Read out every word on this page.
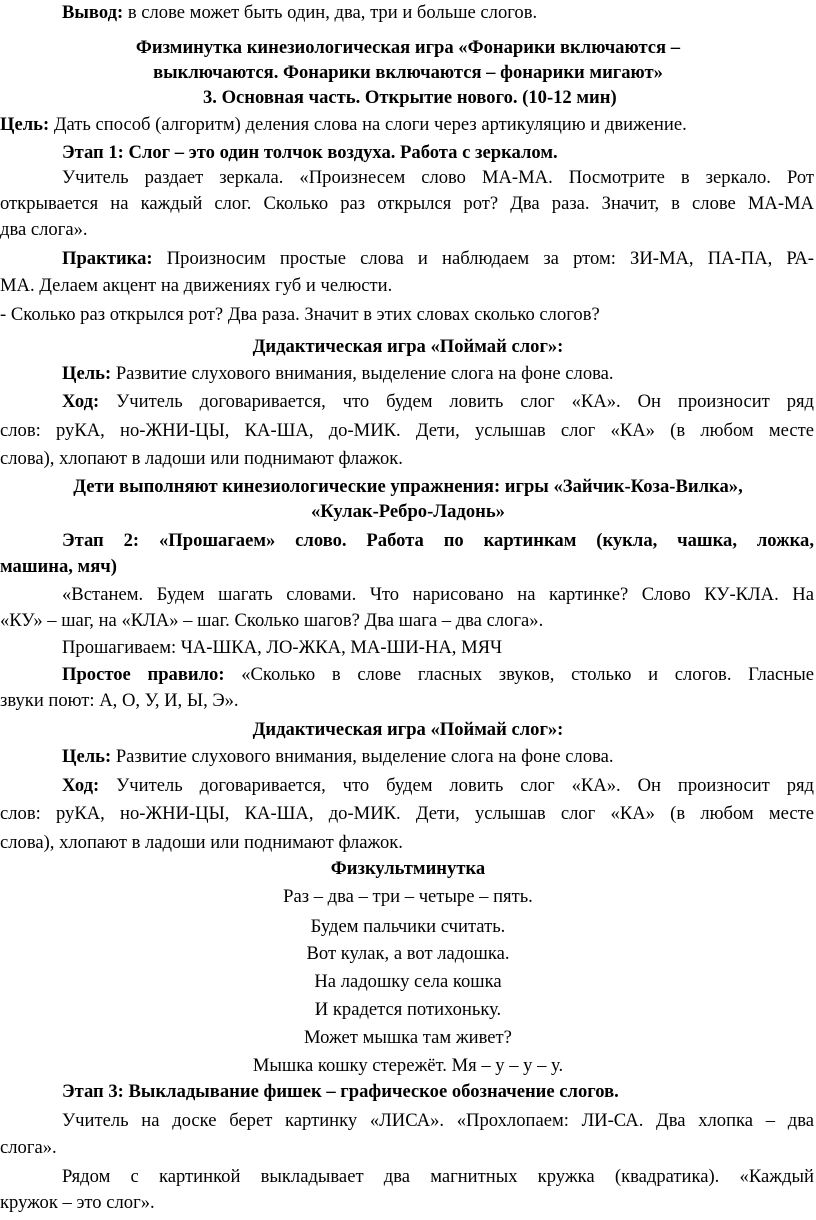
Вывод: в слове может быть один, два, три и больше слогов.
Физминутка кинезиологическая игра «Фонарики включаются –
выключаются. Фонарики включаются – фонарики мигают»
3. Основная часть. Открытие нового. (10-12 мин)
Цель: Дать способ (алгоритм) деления слова на слоги через артикуляцию и движение.
Этап 1: Слог – это один толчок воздуха. Работа с зеркалом.
Учитель раздает зеркала. «Произнесем слово МА-МА. Посмотрите в зеркало. Рот
открывается на каждый слог. Сколько раз открылся рот? Два раза. Значит, в слове МА-МА
два слога».
Практика: Произносим простые слова и наблюдаем за ртом: ЗИ-МА, ПА-ПА, РА-
МА. Делаем акцент на движениях губ и челюсти.
- Сколько раз открылся рот? Два раза. Значит в этих словах сколько слогов?
Дидактическая игра «Поймай слог»:
Цель: Развитие слухового внимания, выделение слога на фоне слова.
Ход: Учитель договаривается, что будем ловить слог «КА». Он произносит ряд
слов: руКА, но-ЖНИ-ЦЫ, КА-ША, до-МИК. Дети, услышав слог «КА» (в любом месте
слова), хлопают в ладоши или поднимают флажок.
Дети выполняют кинезиологические упражнения: игры «Зайчик-Коза-Вилка»,
«Кулак-Ребро-Ладонь»
Этап 2: «Прошагаем» слово. Работа по картинкам (кукла, чашка, ложка,
машина, мяч)
«Встанем. Будем шагать словами. Что нарисовано на картинке? Слово КУ-КЛА. На
«КУ» – шаг, на «КЛА» – шаг. Сколько шагов? Два шага – два слога».
Прошагиваем: ЧА-ШКА, ЛО-ЖКА, МА-ШИ-НА, МЯЧ
Простое правило: «Сколько в слове гласных звуков, столько и слогов. Гласные
звуки поют: А, О, У, И, Ы, Э».
Дидактическая игра «Поймай слог»:
Цель: Развитие слухового внимания, выделение слога на фоне слова.
Ход: Учитель договаривается, что будем ловить слог «КА». Он произносит ряд
слов: руКА, но-ЖНИ-ЦЫ, КА-ША, до-МИК. Дети, услышав слог «КА» (в любом месте
слова), хлопают в ладоши или поднимают флажок.
Физкультминутка
Раз – два – три – четыре – пять.
Будем пальчики считать.
Вот кулак, а вот ладошка.
На ладошку села кошка
И крадется потихоньку.
Может мышка там живет?
Мышка кошку стережёт. Мя – у – у – у.
Этап 3: Выкладывание фишек – графическое обозначение слогов.
Учитель на доске берет картинку «ЛИСА». «Прохлопаем: ЛИ-СА. Два хлопка – два
слога».
Рядом с картинкой выкладывает два магнитных кружка (квадратика). «Каждый
кружок – это слог».
